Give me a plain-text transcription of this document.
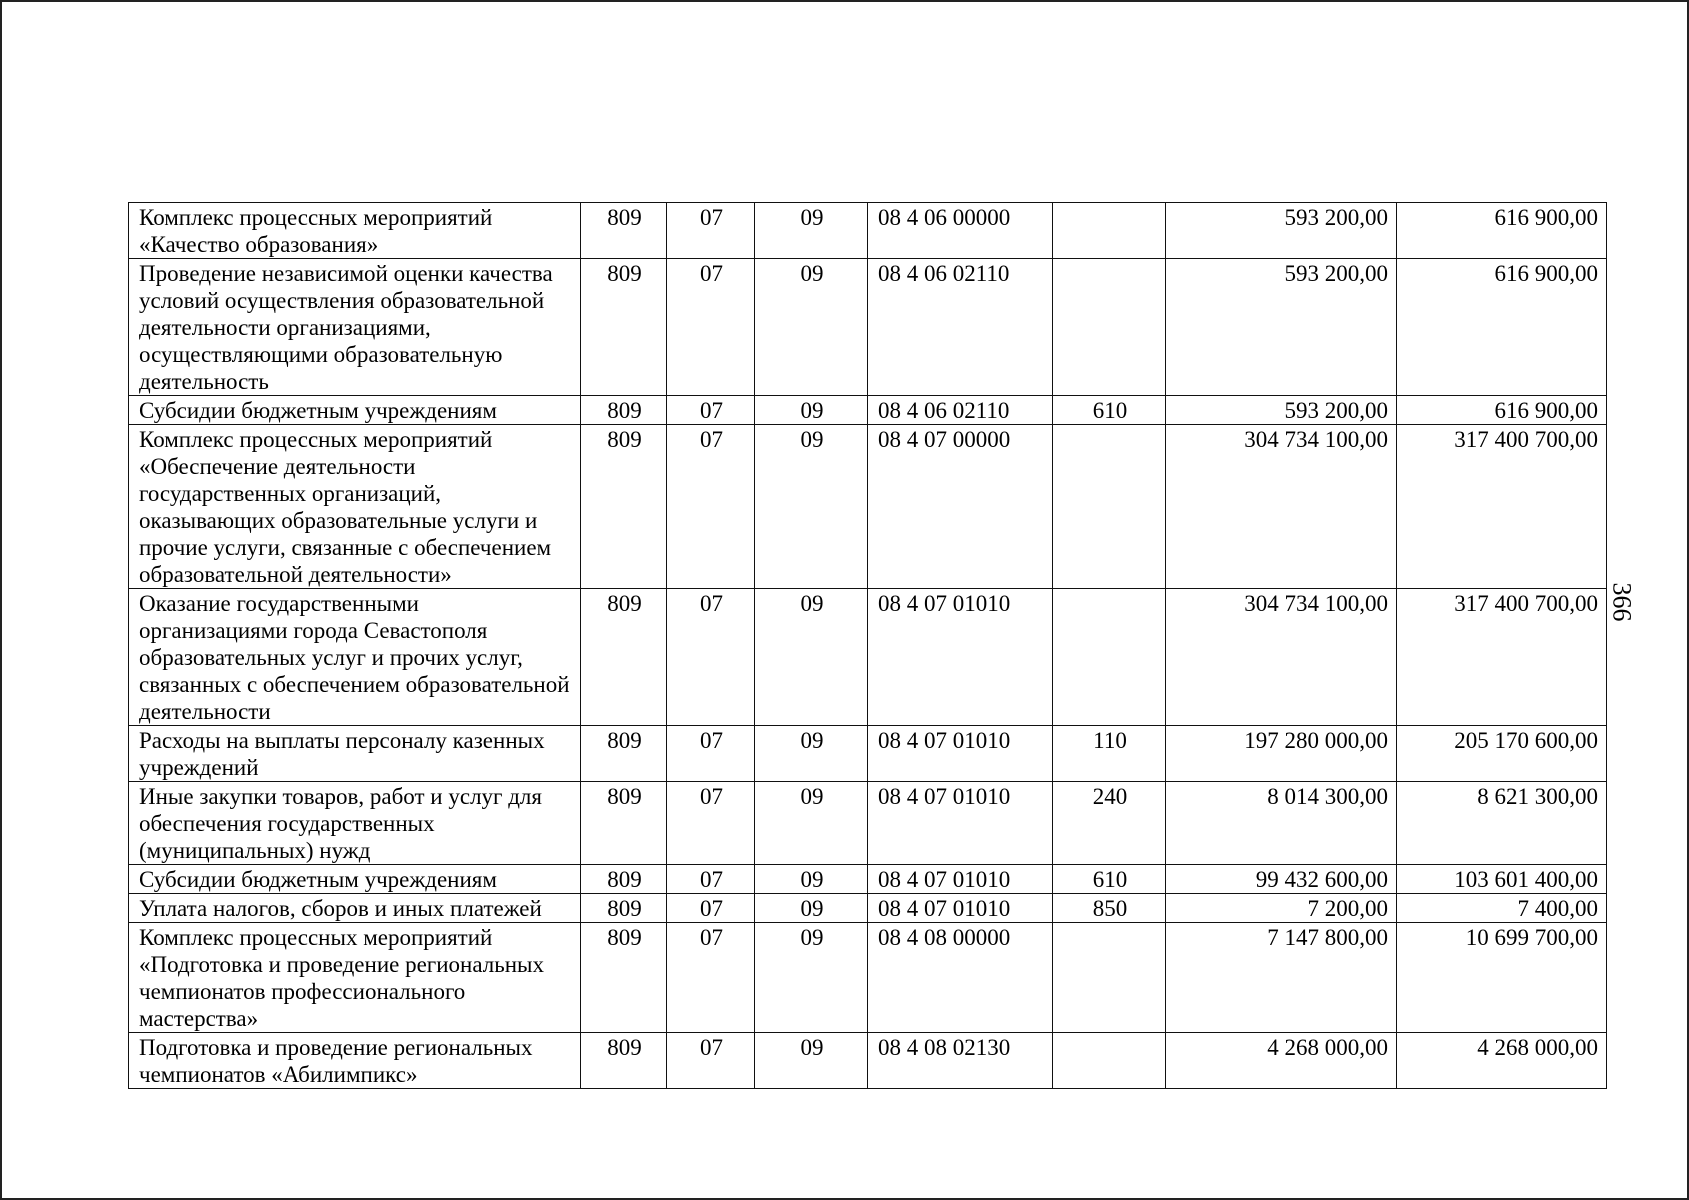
Комплекс процессных мероприятий «Качество образования»	809	07	09	08 4 06 00000		593 200,00	616 900,00
Проведение независимой оценки качества условий осуществления образовательной деятельности организациями, осуществляющими образовательную деятельность	809	07	09	08 4 06 02110		593 200,00	616 900,00
Субсидии бюджетным учреждениям	809	07	09	08 4 06 02110	610	593 200,00	616 900,00
Комплекс процессных мероприятий «Обеспечение деятельности государственных организаций, оказывающих образовательные услуги и прочие услуги, связанные с обеспечением образовательной деятельности»	809	07	09	08 4 07 00000		304 734 100,00	317 400 700,00
Оказание государственными организациями города Севастополя образовательных услуг и прочих услуг, связанных с обеспечением образовательной деятельности	809	07	09	08 4 07 01010		304 734 100,00	317 400 700,00
Расходы на выплаты персоналу казенных учреждений	809	07	09	08 4 07 01010	110	197 280 000,00	205 170 600,00
Иные закупки товаров, работ и услуг для обеспечения государственных (муниципальных) нужд	809	07	09	08 4 07 01010	240	8 014 300,00	8 621 300,00
Субсидии бюджетным учреждениям	809	07	09	08 4 07 01010	610	99 432 600,00	103 601 400,00
Уплата налогов, сборов и иных платежей	809	07	09	08 4 07 01010	850	7 200,00	7 400,00
Комплекс процессных мероприятий «Подготовка и проведение региональных чемпионатов профессионального мастерства»	809	07	09	08 4 08 00000		7 147 800,00	10 699 700,00
Подготовка и проведение региональных чемпионатов «Абилимпикс»	809	07	09	08 4 08 02130		4 268 000,00	4 268 000,00
366
